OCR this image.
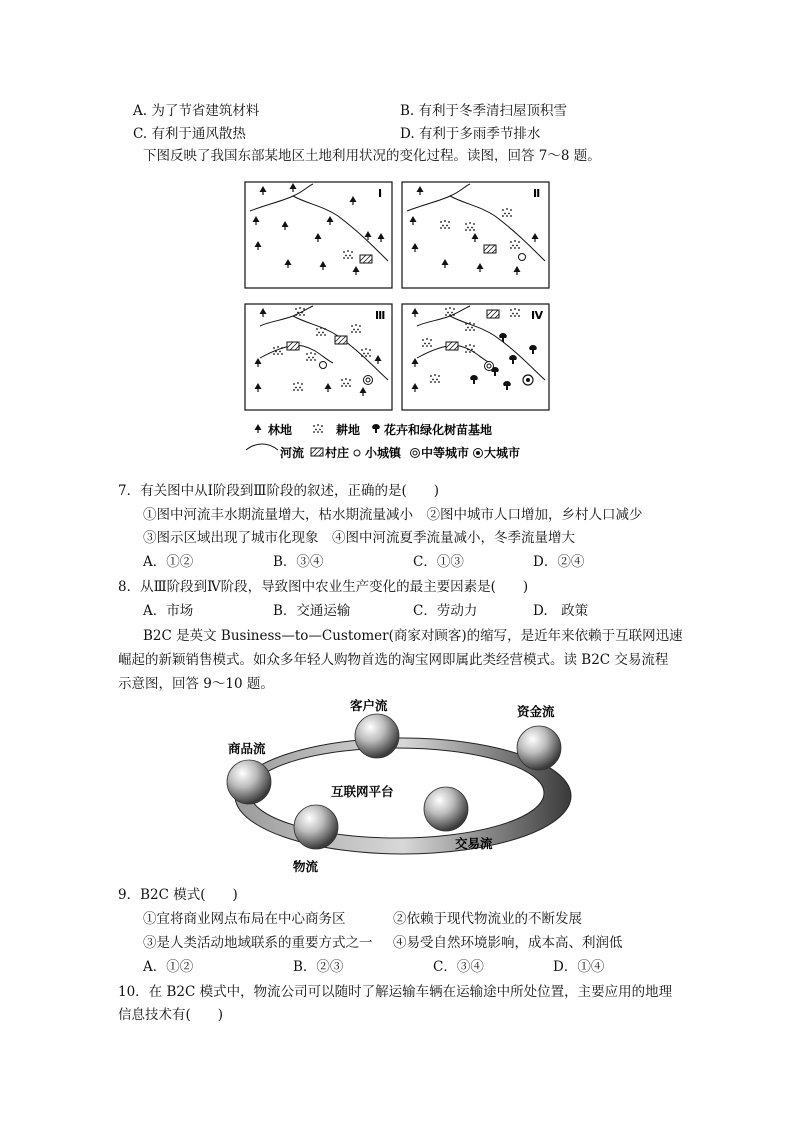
A. 为了节省建筑材料	B. 有利于冬季清扫屋顶积雪
C. 有利于通风散热	D. 有利于多雨季节排水
下图反映了我国东部某地区土地利用状况的变化过程。读图，回答 7～8 题。
Ⅰ	Ⅱ
Ⅲ	Ⅳ
林地	耕地 花卉和绿化树苗基地
河流 村庄 小城镇 中等城市 大城市
7．有关图中从Ⅰ阶段到Ⅲ阶段的叙述，正确的是(　　)
①图中河流丰水期流量增大，枯水期流量减小　②图中城市人口增加，乡村人口减少
③图示区域出现了城市化现象　④图中河流夏季流量减小，冬季流量增大
A．①②	B．③④	C．①③	D．②④
8．从Ⅲ阶段到Ⅳ阶段，导致图中农业生产变化的最主要因素是(　　)
A．市场	B．交通运输	C．劳动力	D.　政策
B2C 是英文 Business—to—Customer(商家对顾客)的缩写，是近年来依赖于互联网迅速
崛起的新颖销售模式。如众多年轻人购物首选的淘宝网即属此类经营模式。读 B2C 交易流程
示意图，回答 9～10 题。
互联网平台
客户流	资金流
商品流
交易流
物流
9．B2C 模式(　　)
①宜将商业网点布局在中心商务区	②依赖于现代物流业的不断发展
③是人类活动地域联系的重要方式之一 ④易受自然环境影响，成本高、利润低
A．①②	B．②③	C．③④	D．①④
10．在 B2C 模式中，物流公司可以随时了解运输车辆在运输途中所处位置，主要应用的地理
信息技术有(　　)
